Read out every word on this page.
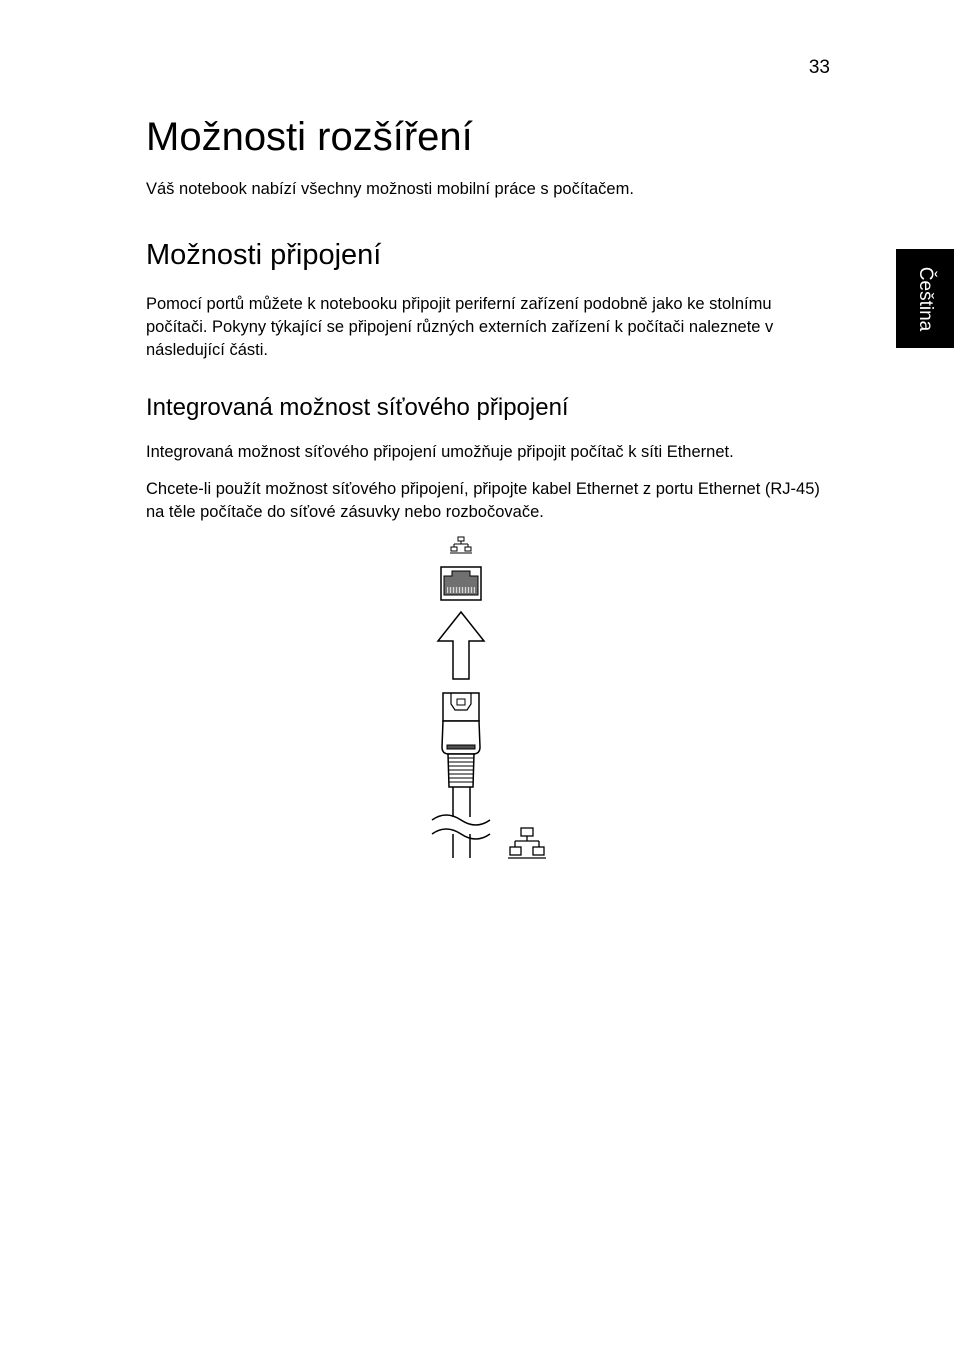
33
Čeština
Možnosti rozšíření

Váš notebook nabízí všechny možnosti mobilní práce s počítačem.

Možnosti připojení

Pomocí portů můžete k notebooku připojit periferní zařízení podobně jako ke stolnímu počítači. Pokyny týkající se připojení různých externích zařízení k počítači naleznete v následující části.

Integrovaná možnost síťového připojení

Integrovaná možnost síťového připojení umožňuje připojit počítač k síti Ethernet.

Chcete-li použít možnost síťového připojení, připojte kabel Ethernet z portu Ethernet (RJ-45) na těle počítače do síťové zásuvky nebo rozbočovače.
